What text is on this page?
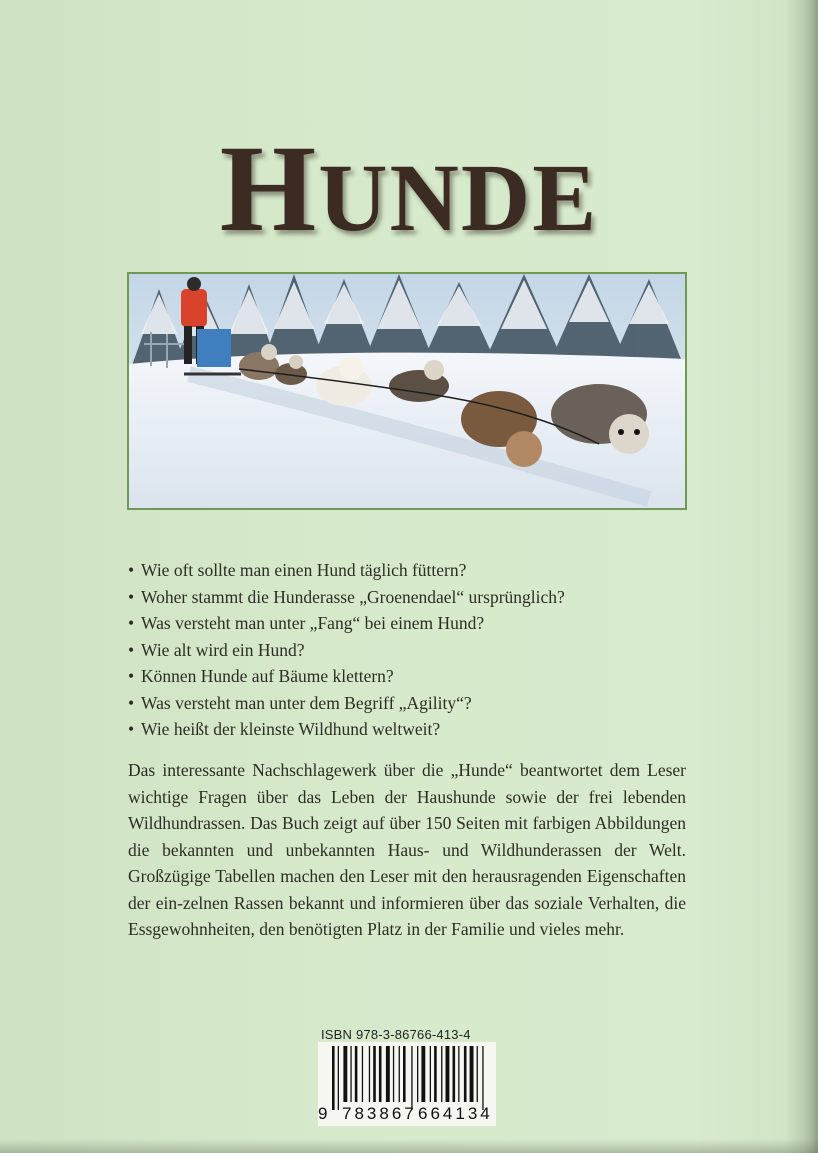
HUNDE
• Wie oft sollte man einen Hund täglich füttern?
• Woher stammt die Hunderasse „Groenendael“ ursprünglich?
• Was versteht man unter „Fang“ bei einem Hund?
• Wie alt wird ein Hund?
• Können Hunde auf Bäume klettern?
• Was versteht man unter dem Begriff „Agility“?
• Wie heißt der kleinste Wildhund weltweit?

Das interessante Nachschlagewerk über die „Hunde“ beantwortet dem Leser wichtige Fragen über das Leben der Haushunde sowie der frei lebenden Wildhundrassen. Das Buch zeigt auf über 150 Seiten mit farbigen Abbildungen die bekannten und unbekannten Haus- und Wildhunderassen der Welt. Großzügige Tabellen machen den Leser mit den herausragenden Eigenschaften der ein-zelnen Rassen bekannt und informieren über das soziale Verhalten, die Essgewohnheiten, den benötigten Platz in der Familie und vieles mehr.

ISBN 978-3-86766-413-4
9 783867 664134
